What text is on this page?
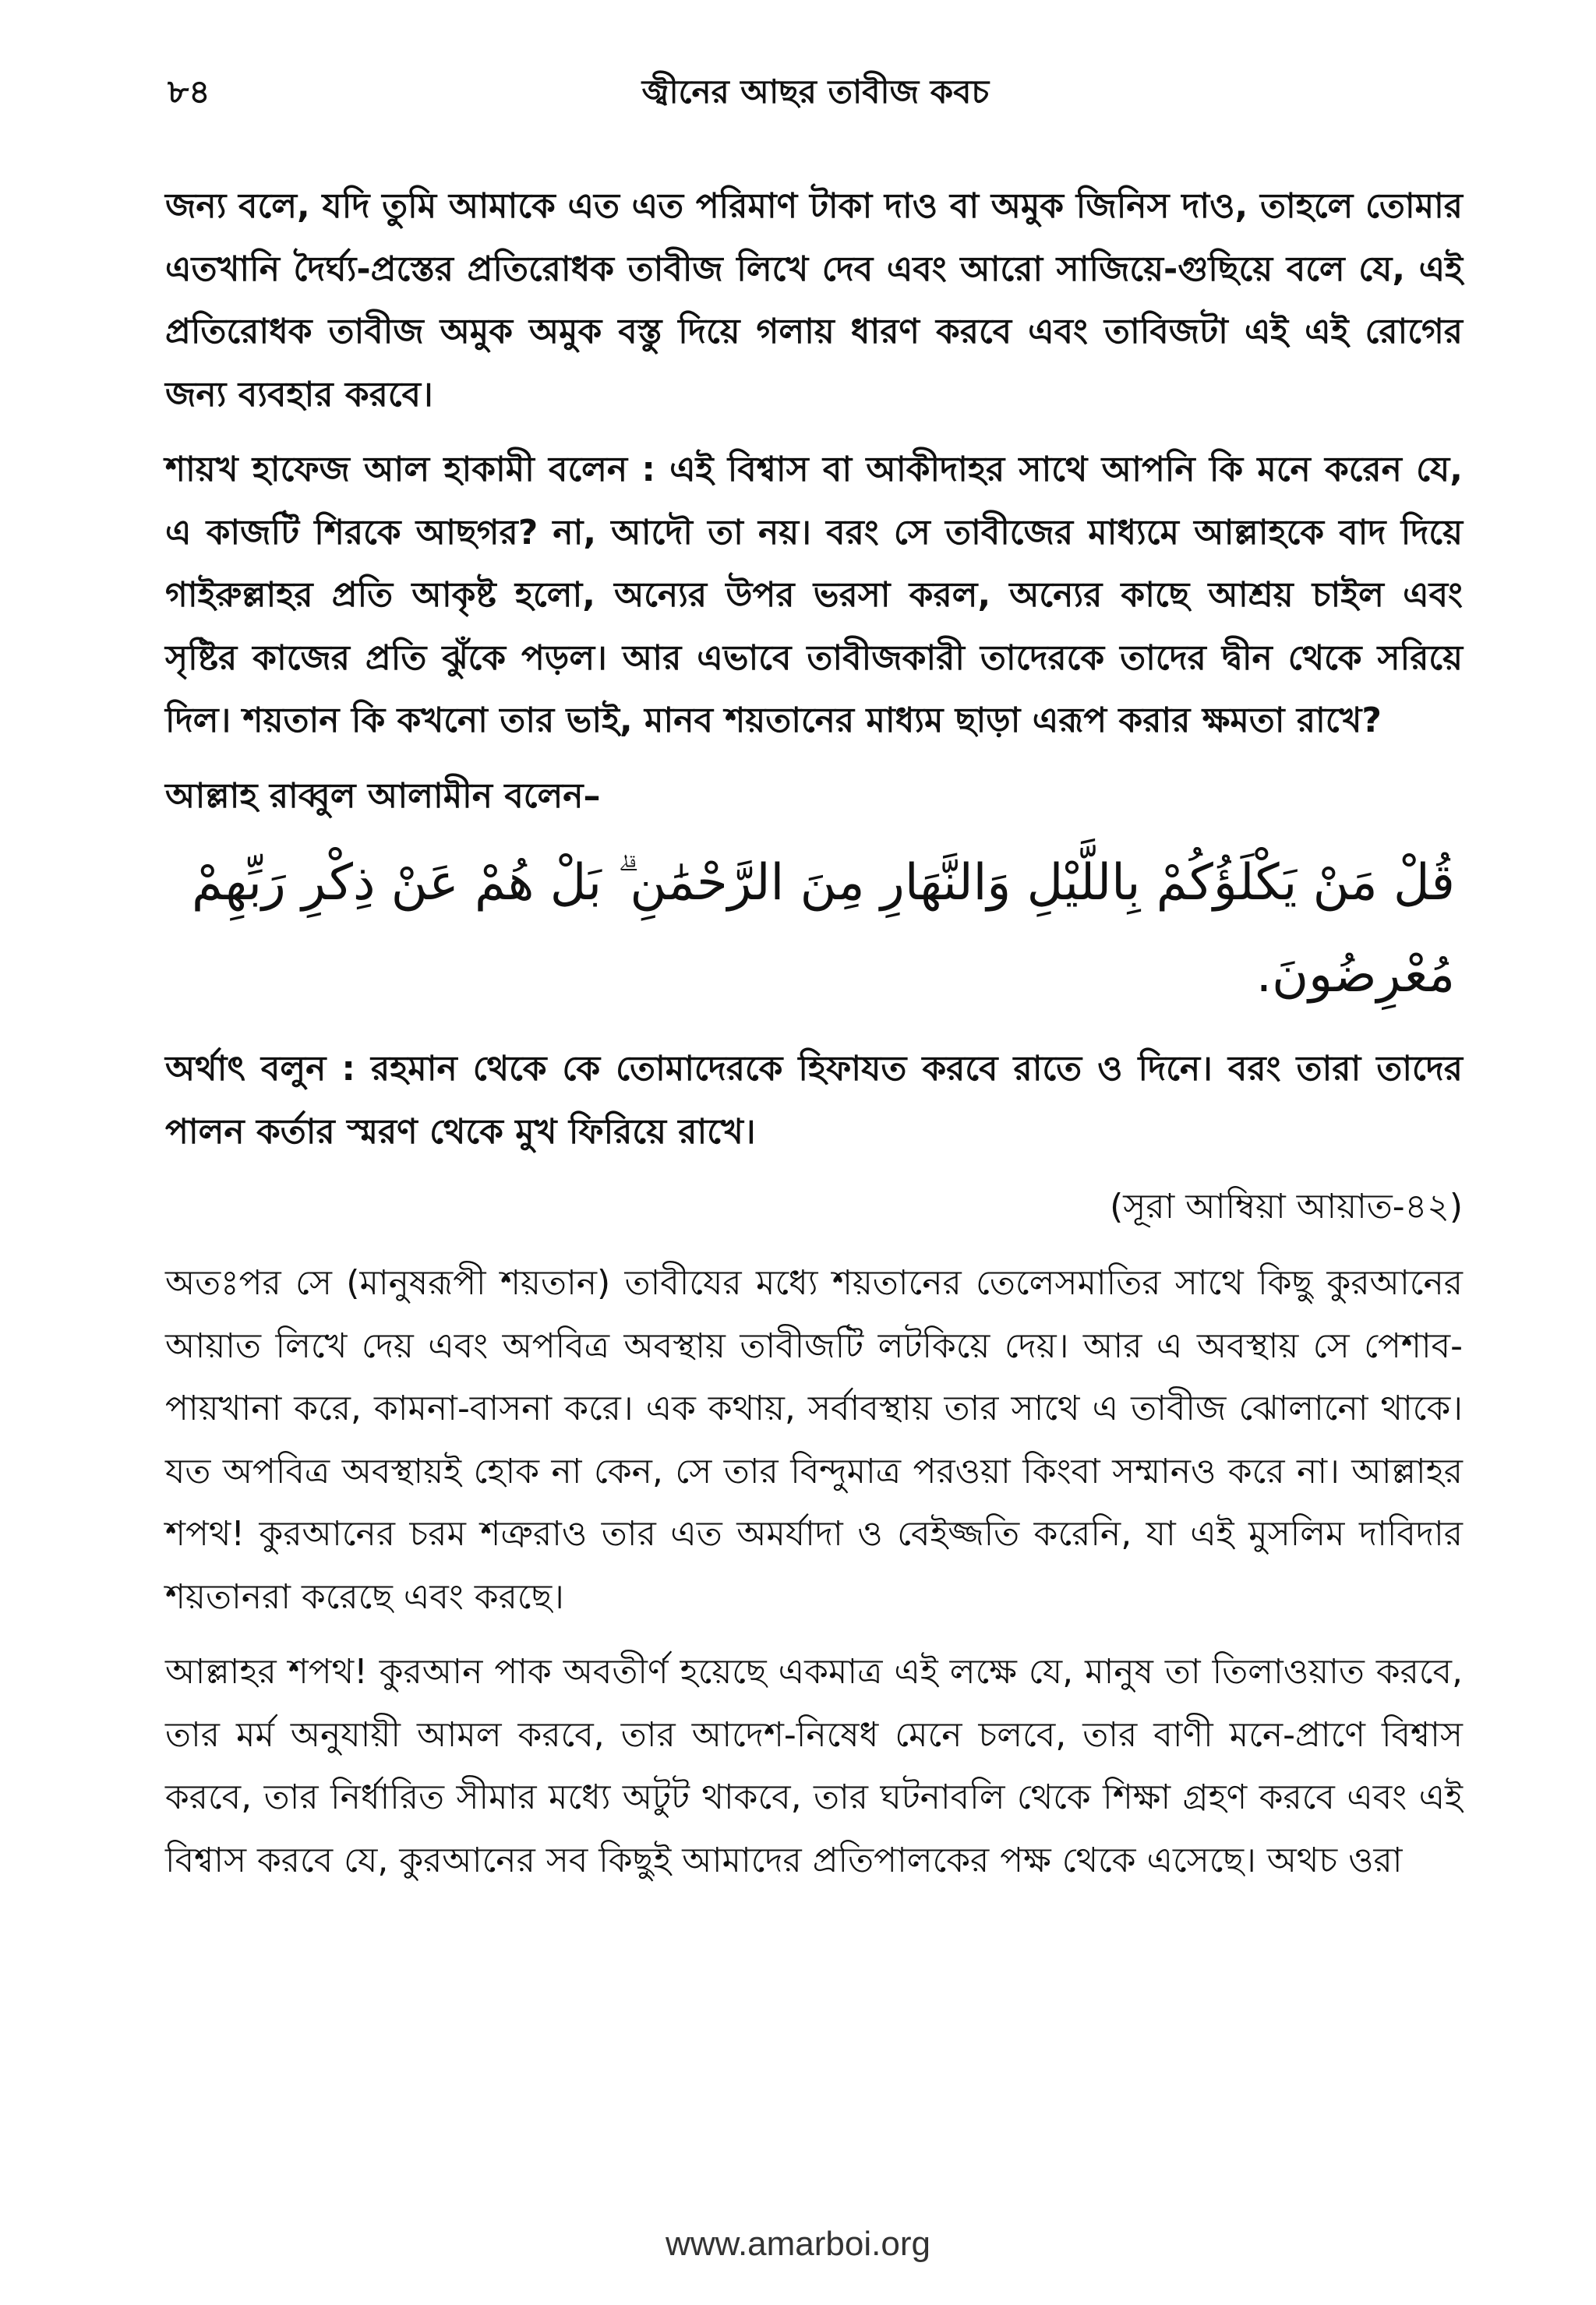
৮৪	জ্বীনের আছর তাবীজ কবচ

জন্য বলে, যদি তুমি আমাকে এত এত পরিমাণ টাকা দাও বা অমুক জিনিস দাও, তাহলে তোমার এতখানি দৈর্ঘ্য-প্রস্তের প্রতিরোধক তাবীজ লিখে দেব এবং আরো সাজিয়ে-গুছিয়ে বলে যে, এই প্রতিরোধক তাবীজ অমুক অমুক বস্তু দিয়ে গলায় ধারণ করবে এবং তাবিজটা এই এই রোগের জন্য ব্যবহার করবে।

শায়খ হাফেজ আল হাকামী বলেন : এই বিশ্বাস বা আকীদাহর সাথে আপনি কি মনে করেন যে, এ কাজটি শিরকে আছগর? না, আদৌ তা নয়। বরং সে তাবীজের মাধ্যমে আল্লাহকে বাদ দিয়ে গাইরুল্লাহর প্রতি আকৃষ্ট হলো, অন্যের উপর ভরসা করল, অন্যের কাছে আশ্রয় চাইল এবং সৃষ্টির কাজের প্রতি ঝুঁকে পড়ল। আর এভাবে তাবীজকারী তাদেরকে তাদের দ্বীন থেকে সরিয়ে দিল। শয়তান কি কখনো তার ভাই, মানব শয়তানের মাধ্যম ছাড়া এরূপ করার ক্ষমতা রাখে?

আল্লাহ রাব্বুল আলামীন বলেন–

قُلْ مَنْ يَكْلَؤُكُمْ بِاللَّيْلِ وَالنَّهَارِ مِنَ الرَّحْمَٰنِ ۗ بَلْ هُمْ عَنْ ذِكْرِ رَبِّهِمْ مُعْرِضُونَ.

অর্থাৎ বলুন : রহমান থেকে কে তোমাদেরকে হিফাযত করবে রাতে ও দিনে। বরং তারা তাদের পালন কর্তার স্মরণ থেকে মুখ ফিরিয়ে রাখে।

(সূরা আম্বিয়া আয়াত-৪২)

অতঃপর সে (মানুষরূপী শয়তান) তাবীযের মধ্যে শয়তানের তেলেসমাতির সাথে কিছু কুরআনের আয়াত লিখে দেয় এবং অপবিত্র অবস্থায় তাবীজটি লটকিয়ে দেয়। আর এ অবস্থায় সে পেশাব-পায়খানা করে, কামনা-বাসনা করে। এক কথায়, সর্বাবস্থায় তার সাথে এ তাবীজ ঝোলানো থাকে। যত অপবিত্র অবস্থায়ই হোক না কেন, সে তার বিন্দুমাত্র পরওয়া কিংবা সম্মানও করে না। আল্লাহর শপথ! কুরআনের চরম শত্রুরাও তার এত অমর্যাদা ও বেইজ্জতি করেনি, যা এই মুসলিম দাবিদার শয়তানরা করেছে এবং করছে।

আল্লাহর শপথ! কুরআন পাক অবতীর্ণ হয়েছে একমাত্র এই লক্ষে যে, মানুষ তা তিলাওয়াত করবে, তার মর্ম অনুযায়ী আমল করবে, তার আদেশ-নিষেধ মেনে চলবে, তার বাণী মনে-প্রাণে বিশ্বাস করবে, তার নির্ধারিত সীমার মধ্যে অটুট থাকবে, তার ঘটনাবলি থেকে শিক্ষা গ্রহণ করবে এবং এই বিশ্বাস করবে যে, কুরআনের সব কিছুই আমাদের প্রতিপালকের পক্ষ থেকে এসেছে। অথচ ওরা

www.amarboi.org
